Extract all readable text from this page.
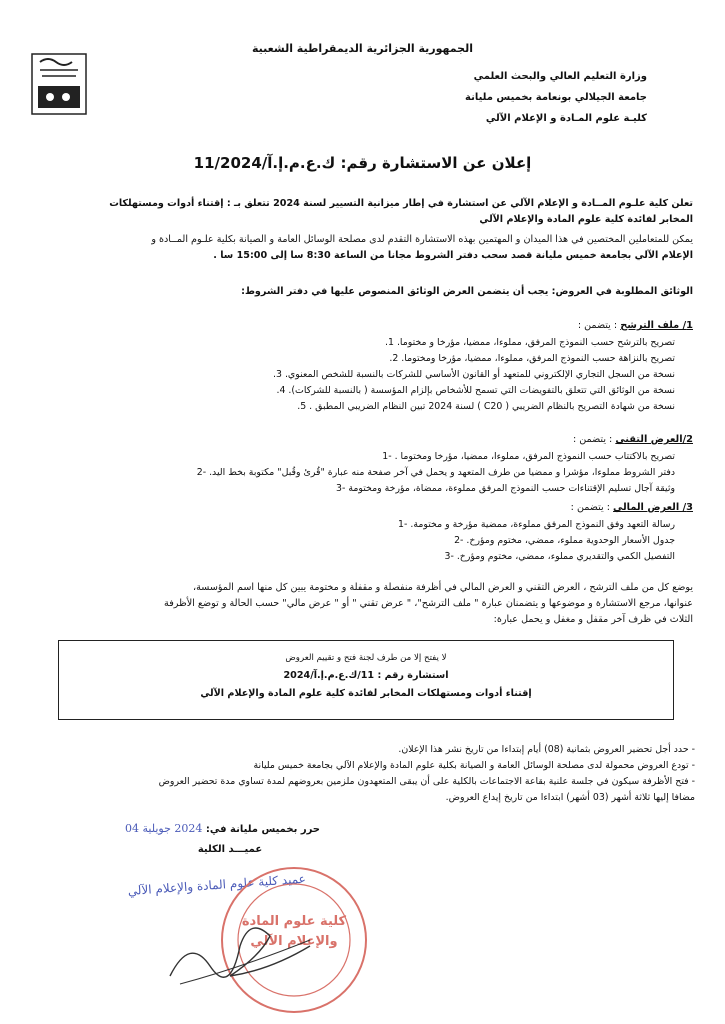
الجمهورية الجزائرية الديمقراطية الشعبية
وزارة التعليم العالي والبحث العلمي
جامعة الجيلالي بونعامة بخميس مليانة
كليـة علوم المـادة و الإعلام الآلي
إعلان عن الاستشارة رقم: 11/ك.ع.م.إ.آ/2024
تعلن كلية علـوم المــادة و الإعلام الآلي عن استشارة في إطار ميزانية التسيير لسنة 2024 تتعلق بـ : إقتناء أدوات ومستهلكات
المخابر لفائدة كلية علوم المادة والإعلام الآلي
يمكن للمتعاملين المختصين في هذا الميدان و المهتمين بهذه الاستشارة التقدم لدى مصلحة الوسائل العامة و الصيانة بكلية علـوم المــادة و
الإعلام الآلي بجامعة خميس مليانة قصد سحب دفتر الشروط مجانا من الساعة 8:30 سا إلى 15:00 سا .
الوثائق المطلوبة في العروض: يجب أن يتضمن العرض الوثائق المنصوص عليها في دفتر الشروط:
1/ ملف الترشح : يتضمن :
تصريح بالترشح حسب النموذج المرفق، مملوءا، ممضيا، مؤرخا و مختوما. 1.
تصريح بالنزاهة حسب النموذج المرفق، مملوءا، ممضيا، مؤرخا ومختوما. 2.
نسخة من السجل التجاري الإلكتروني للمتعهد أو القانون الأساسي للشركات بالنسبة للشخص المعنوي. 3.
نسخة من الوثائق التي تتعلق بالتفويضات التي تسمح للأشخاص بإلزام المؤسسة ( بالنسبة للشركات). 4.
نسخة من شهادة التصريح بالنظام الضريبي ( C20 ) لسنة 2024 تبين النظام الضريبي المطبق . 5.
2/العرض التقني : يتضمن :
تصريح بالاكتتاب حسب النموذج المرفق، مملوءا، ممضيا، مؤرخا ومختوما . -1
دفتر الشروط مملوءا، مؤشرا و ممضيا من طرف المتعهد و يحمل في آخر صفحة منه عبارة "قُرئ وقُبل" مكتوبة بخط اليد. -2
وثيقة آجال تسليم الإقتناءات حسب النموذج المرفق مملوءة، ممضاة، مؤرخة ومختومة -3
3/ العرض المالي : يتضمن :
رسالة التعهد وفق النموذج المرفق مملوءة، ممضية مؤرخة و مختومة. -1
جدول الأسعار الوحدوية مملوء، ممضي، مختوم ومؤرخ. -2
التفصيل الكمي والتقديري مملوء، ممضي، مختوم ومؤرخ. -3
يوضع كل من ملف الترشح ، العرض التقني و العرض المالي في أظرفة منفصلة و مقفلة و مختومة يبين كل منها اسم المؤسسة،
عنوانها، مرجع الاستشارة و موضوعها و يتضمنان عبارة " ملف الترشح"، " عرض تقني " أو " عرض مالي" حسب الحالة و توضع الأظرفة
الثلاث في ظرف آخر مقفل و مغفل و يحمل عبارة:
لا يفتح إلا من طرف لجنة فتح و تقييم العروض
استشارة رقم : 11/ك.ع.م.إ.آ/2024
إقتناء أدوات ومستهلكات المخابر لفائدة كلية علوم المادة والإعلام الآلي
- حدد أجل تحضير العروض بثمانية (08) أيام إبتداءا من تاريخ نشر هذا الإعلان.
- تودع العروض محمولة لدى مصلحة الوسائل العامة و الصيانة بكلية علوم المادة والإعلام الآلي بجامعة خميس مليانة
- فتح الأظرفة سيكون في جلسة علنية بقاعة الاجتماعات بالكلية على أن يبقى المتعهدون ملزمين بعروضهم لمدة تساوي مدة تحضير العروض
مضافا إليها ثلاثة أشهر (03 أشهر) ابتداءا من تاريخ إيداع العروض.
حرر بخميس مليانة في: 2024 جويلية 04
عميـــد الكلية
عميد كلية علوم المادة والإعلام الآلي
كلية علوم المادة والإعلام الآلي
